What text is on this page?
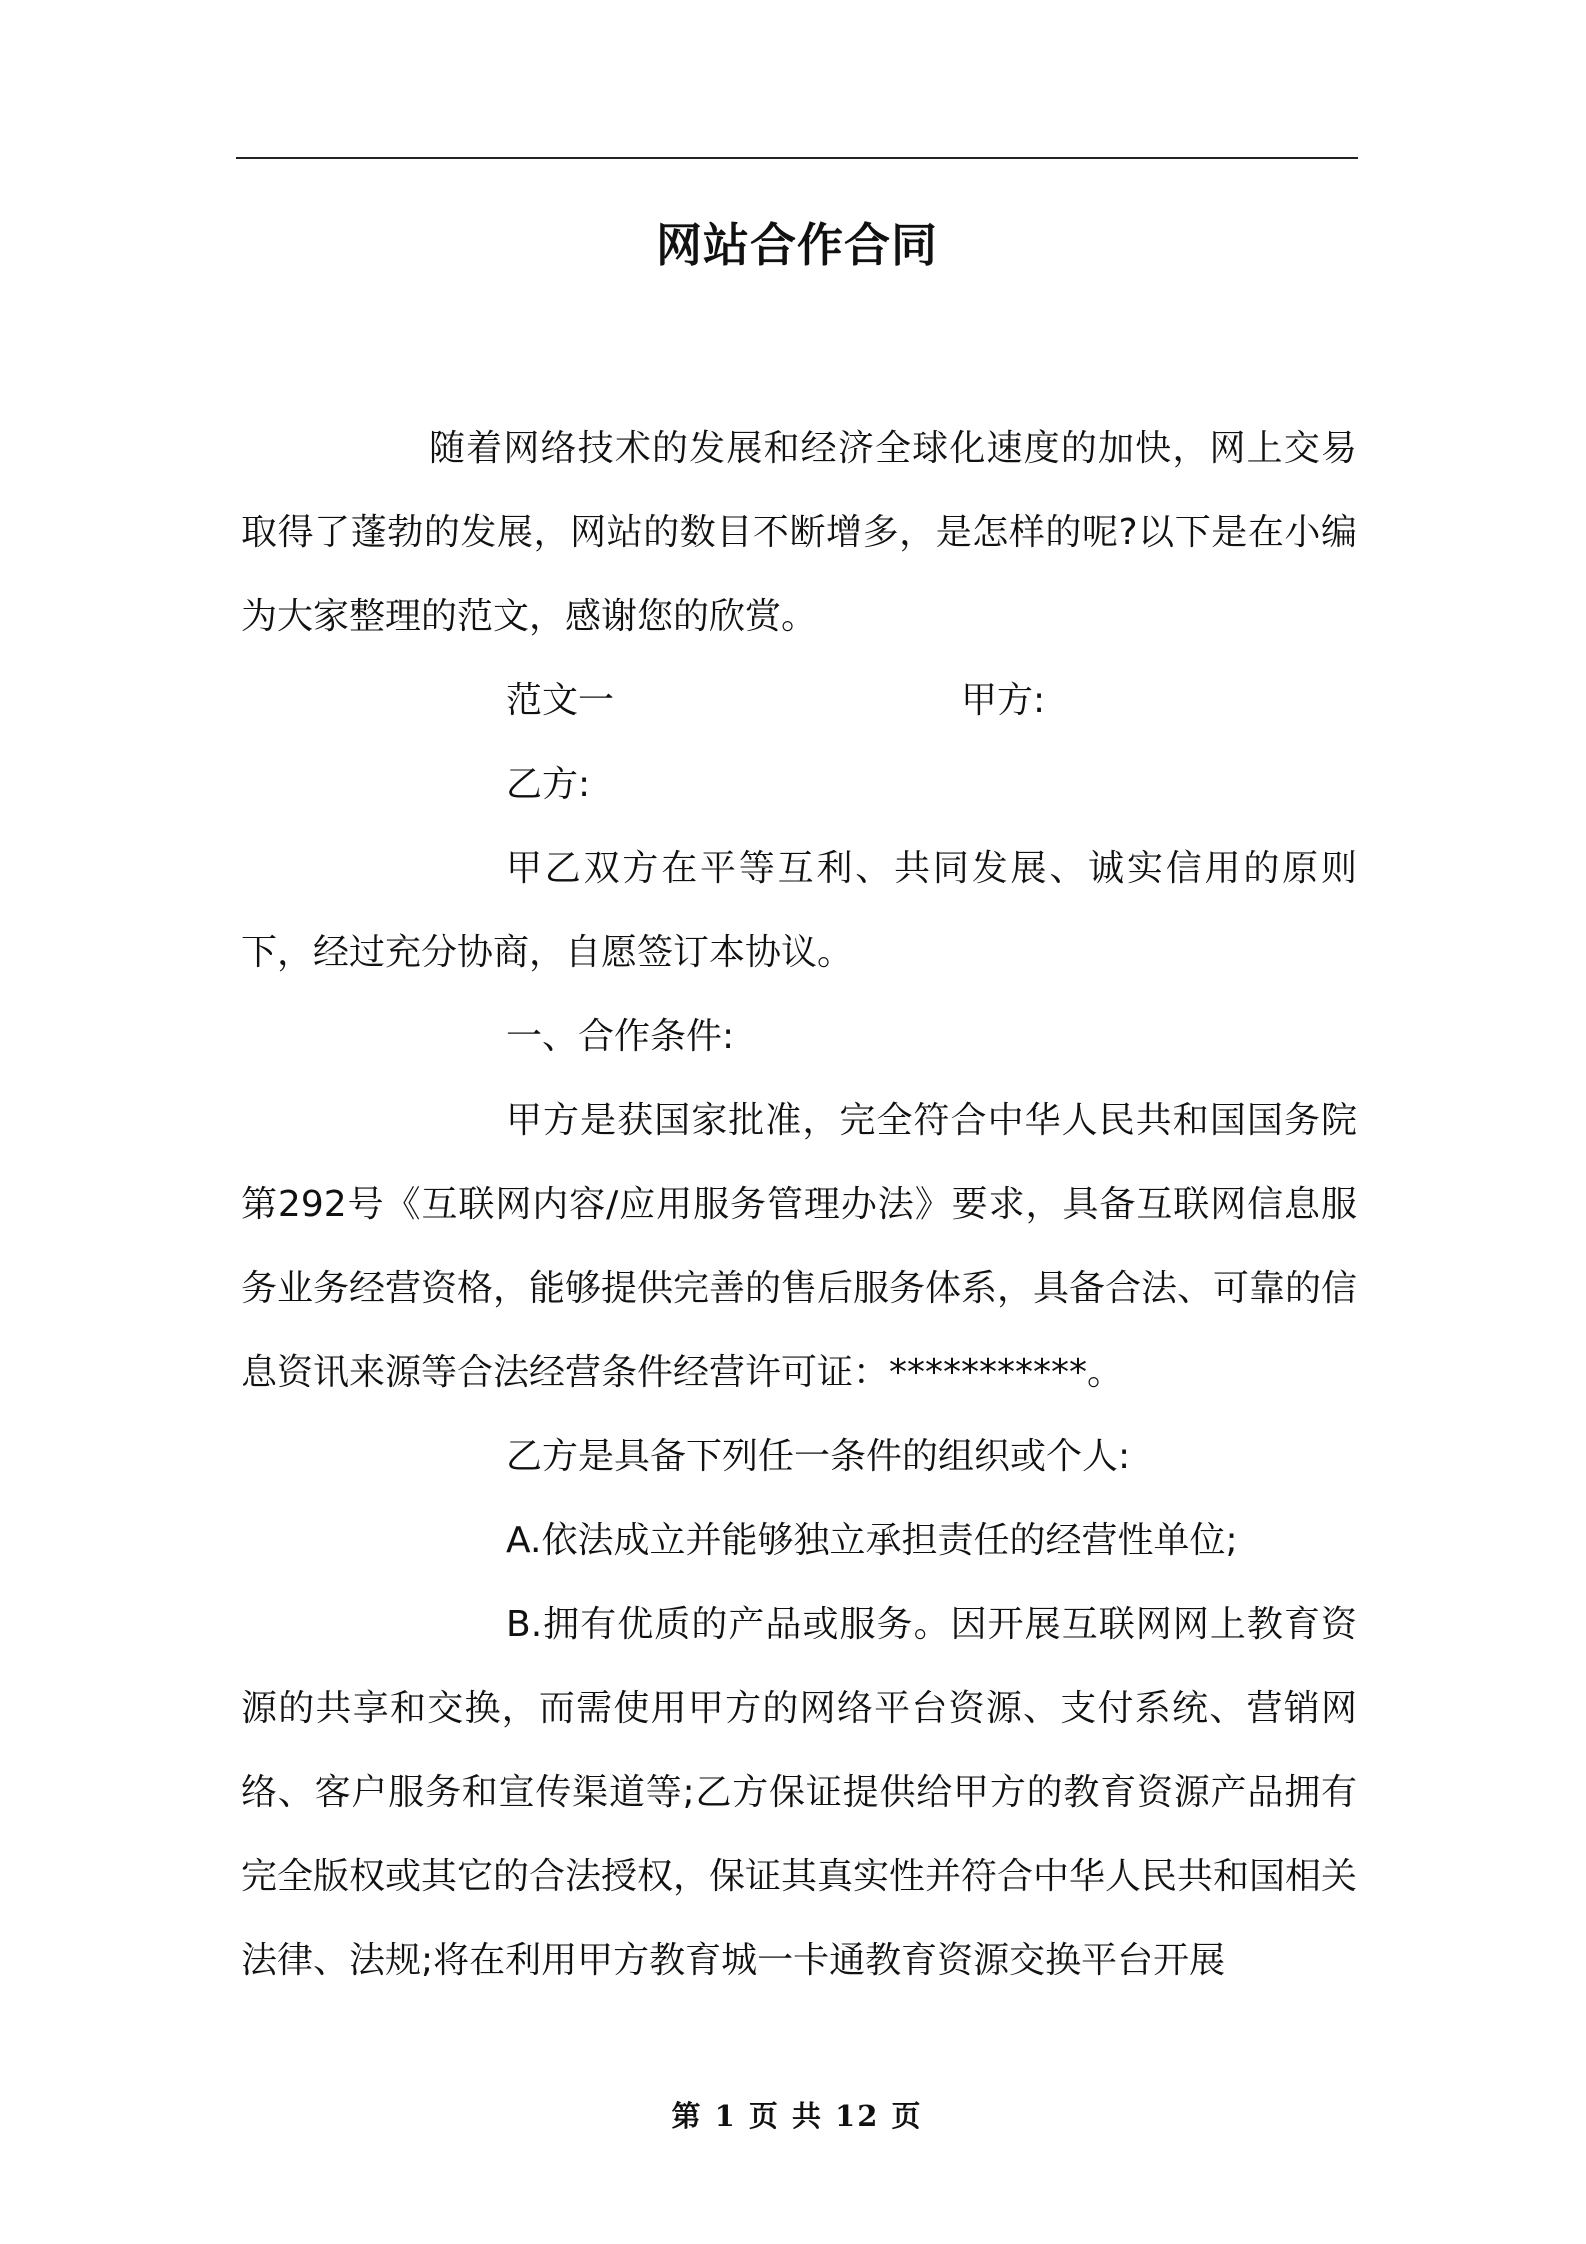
网站合作合同

随着网络技术的发展和经济全球化速度的加快，网上交易取得了蓬勃的发展，网站的数目不断增多，是怎样的呢?以下是在小编为大家整理的范文，感谢您的欣赏。

范文一	甲方:

乙方:

甲乙双方在平等互利、共同发展、诚实信用的原则下，经过充分协商，自愿签订本协议。

一、合作条件:

甲方是获国家批准，完全符合中华人民共和国国务院第292号《互联网内容/应用服务管理办法》要求，具备互联网信息服务业务经营资格，能够提供完善的售后服务体系，具备合法、可靠的信息资讯来源等合法经营条件经营许可证：***********。

乙方是具备下列任一条件的组织或个人:

A.依法成立并能够独立承担责任的经营性单位;

B.拥有优质的产品或服务。因开展互联网网上教育资源的共享和交换，而需使用甲方的网络平台资源、支付系统、营销网络、客户服务和宣传渠道等;乙方保证提供给甲方的教育资源产品拥有完全版权或其它的合法授权，保证其真实性并符合中华人民共和国相关法律、法规;将在利用甲方教育城一卡通教育资源交换平台开展

第 1 页 共 12 页
